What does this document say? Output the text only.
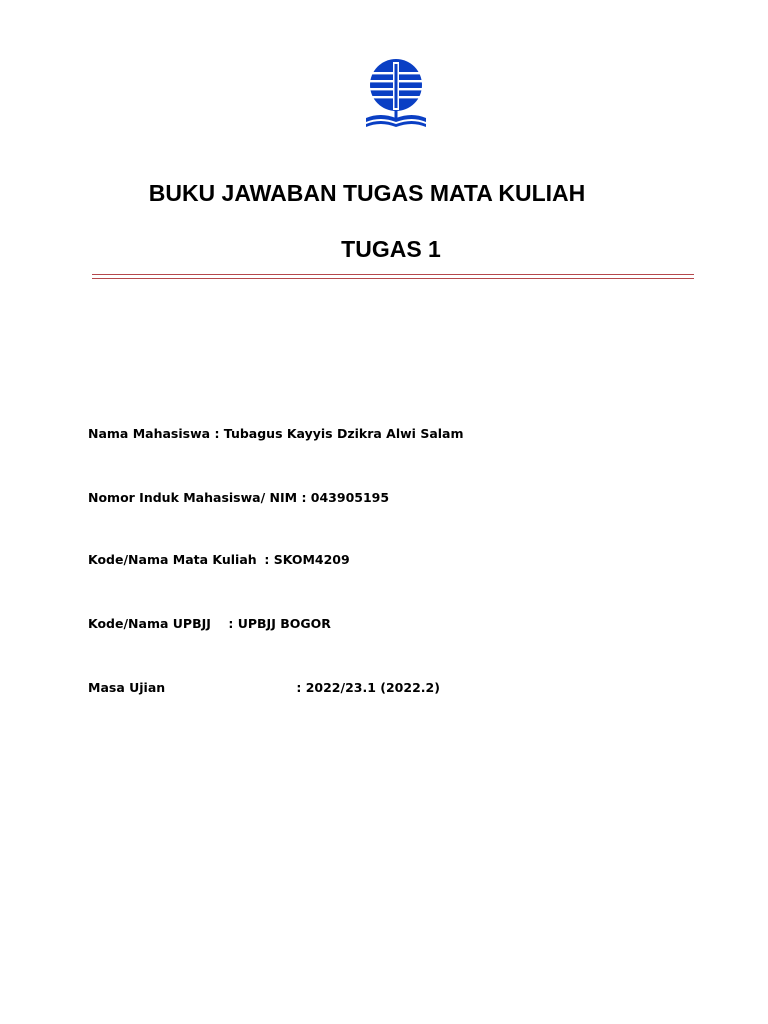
BUKU JAWABAN TUGAS MATA KULIAH
TUGAS 1
Nama Mahasiswa : Tubagus Kayyis Dzikra Alwi Salam
Nomor Induk Mahasiswa/ NIM : 043905195
Kode/Nama Mata Kuliah : SKOM4209
Kode/Nama UPBJJ : UPBJJ BOGOR
Masa Ujian	: 2022/23.1 (2022.2)
